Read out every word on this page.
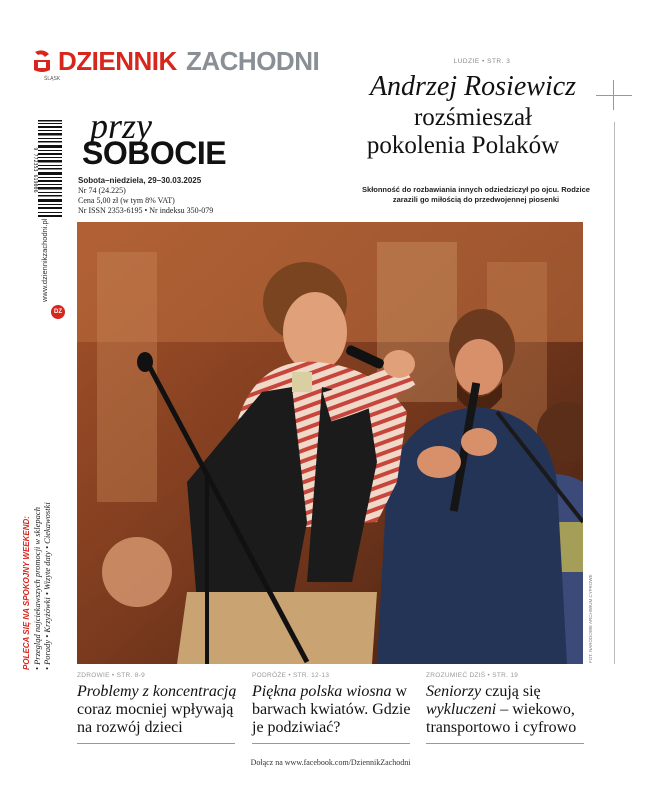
DZIENNIK ZACHODNI
ŚLĄSK
9 772353 619006
www.dziennikzachodni.pl
DZ
POLECA SIĘ NA SPOKOJNY WEEKEND: • Przegląd najciekawszych promocji w sklepach • Porady • Krzyżówki • Wizyte daty • Ciekawostki
przy
SOBOCIE
Sobota–niedziela, 29–30.03.2025
Nr 74 (24.225)
Cena 5,00 zł (w tym 8% VAT)
Nr ISSN 2353-6195 • Nr indeksu 350-079
LUDZIE • STR. 3
Andrzej Rosiewicz
rozśmieszał
pokolenia Polaków
Skłonność do rozbawiania innych odziedziczył po ojcu. Rodzice zarazili go miłością do przedwojennej piosenki
FOT. NARODOWE ARCHIWUM CYFROWE
ZDROWIE • STR. 8-9
Problemy z koncentracją coraz mocniej wpływają na rozwój dzieci
PODRÓŻE • STR. 12-13
Piękna polska wiosna w barwach kwiatów. Gdzie je podziwiać?
ZROZUMIEĆ DZIŚ • STR. 19
Seniorzy czują się wykluczeni – wiekowo, transportowo i cyfrowo
Dołącz na www.facebook.com/DziennikZachodni
